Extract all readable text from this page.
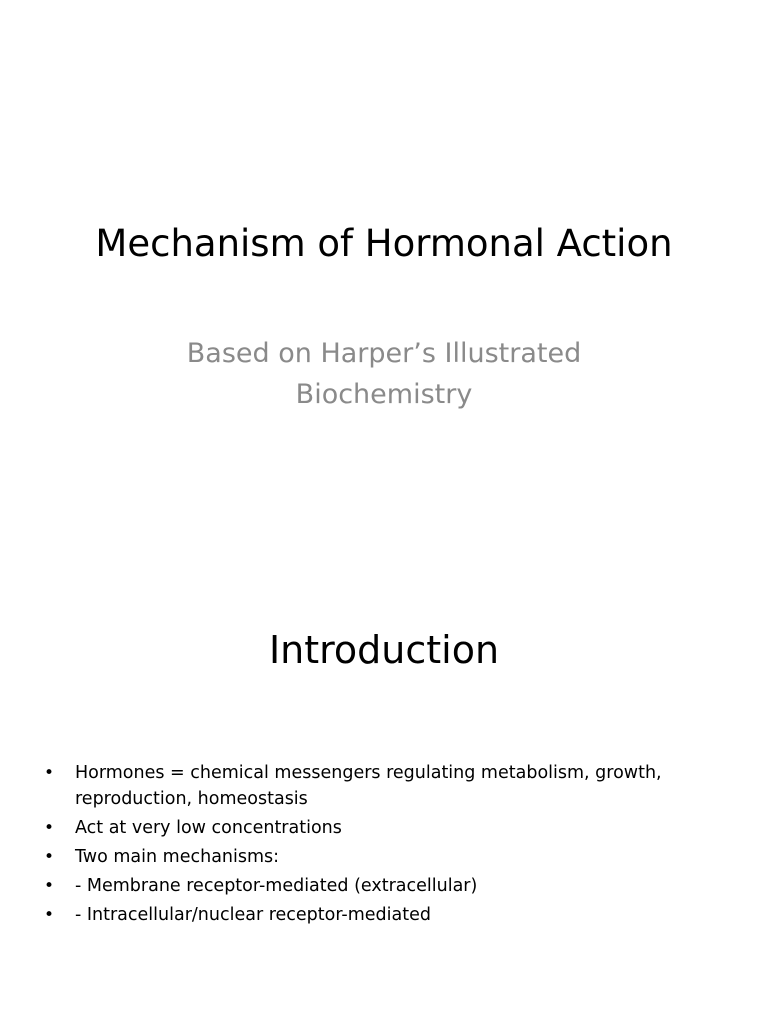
Mechanism of Hormonal Action
Based on Harper’s Illustrated
Biochemistry
Introduction
• Hormones = chemical messengers regulating metabolism, growth, reproduction, homeostasis
• Act at very low concentrations
• Two main mechanisms:
• - Membrane receptor-mediated (extracellular)
• - Intracellular/nuclear receptor-mediated
